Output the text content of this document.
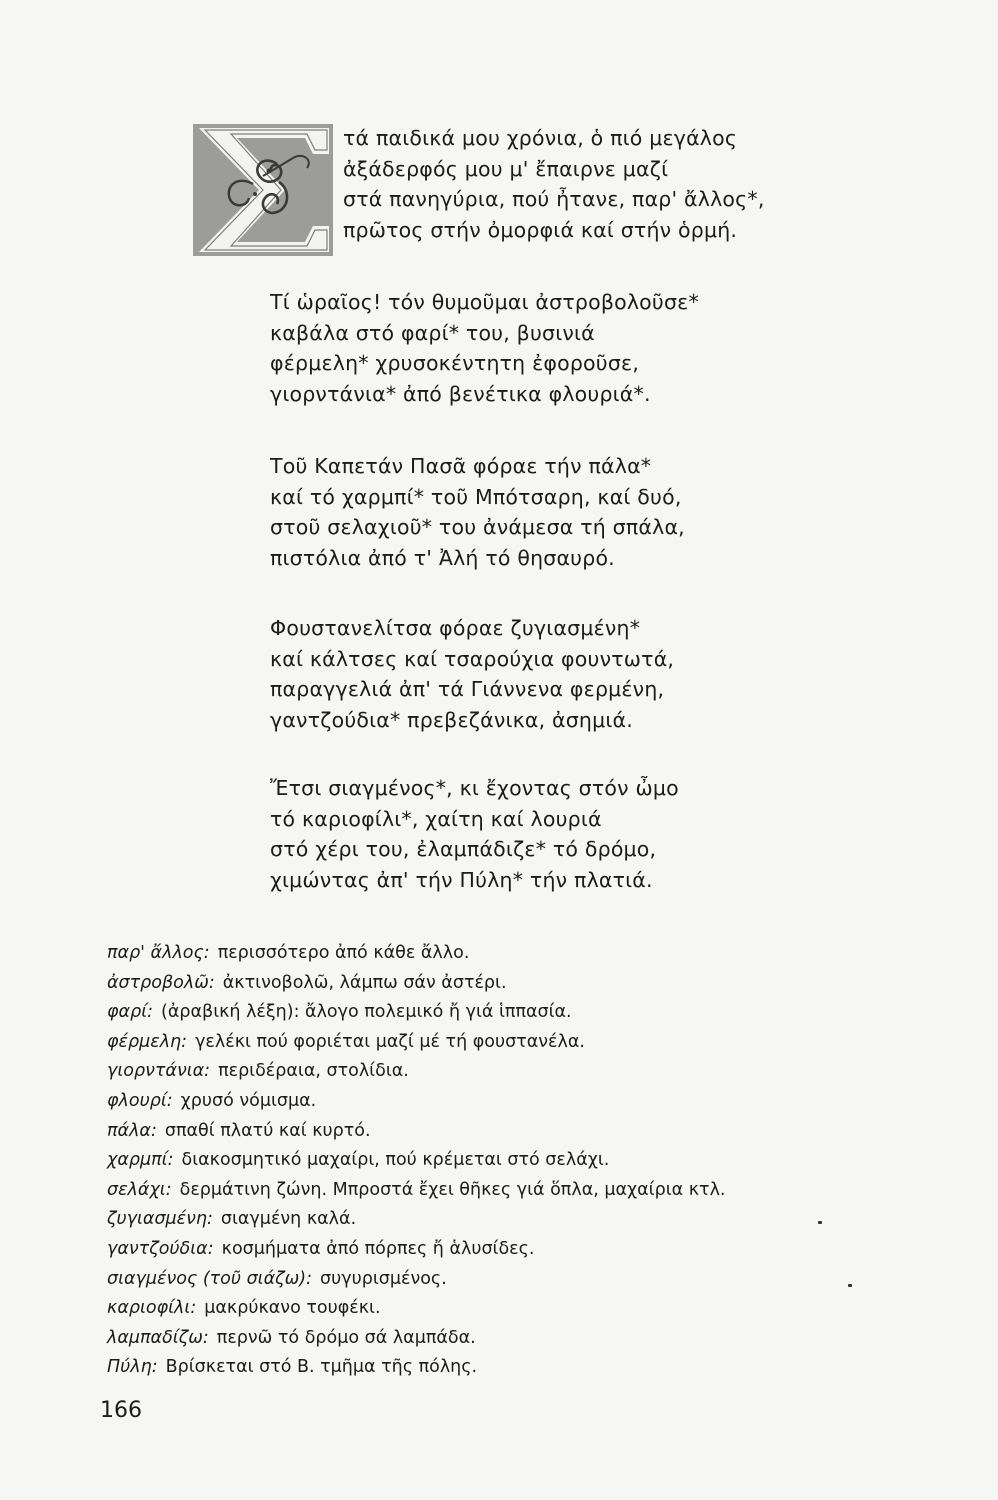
τά παιδικά μου χρόνια, ὁ πιό μεγάλος
ἀξάδερφός μου μ' ἔπαιρνε μαζί
στά πανηγύρια, πού ἦτανε, παρ' ἄλλος*,
πρῶτος στήν ὀμορφιά καί στήν ὁρμή.
Τί ὡραῖος! τόν θυμοῦμαι ἀστροβολοῦσε*
καβάλα στό φαρί* του, βυσινιά
φέρμελη* χρυσοκέντητη ἐφοροῦσε,
γιορντάνια* ἀπό βενέτικα φλουριά*.
Τοῦ Καπετάν Πασᾶ φόραε τήν πάλα*
καί τό χαρμπί* τοῦ Μπότσαρη, καί δυό,
στοῦ σελαχιοῦ* του ἀνάμεσα τή σπάλα,
πιστόλια ἀπό τ' Ἀλή τό θησαυρό.
Φουστανελίτσα φόραε ζυγιασμένη*
καί κάλτσες καί τσαρούχια φουντωτά,
παραγγελιά ἀπ' τά Γιάννενα φερμένη,
γαντζούδια* πρεβεζάνικα, ἀσημιά.
Ἔτσι σιαγμένος*, κι ἔχοντας στόν ὦμο
τό καριοφίλι*, χαίτη καί λουριά
στό χέρι του, ἐλαμπάδιζε* τό δρόμο,
χιμώντας ἀπ' τήν Πύλη* τήν πλατιά.
παρ' ἄλλος: περισσότερο ἀπό κάθε ἄλλο.
ἀστροβολῶ: ἀκτινοβολῶ, λάμπω σάν ἀστέρι.
φαρί: (ἀραβική λέξη): ἄλογο πολεμικό ἤ γιά ἱππασία.
φέρμελη: γελέκι πού φοριέται μαζί μέ τή φουστανέλα.
γιορντάνια: περιδέραια, στολίδια.
φλουρί: χρυσό νόμισμα.
πάλα: σπαθί πλατύ καί κυρτό.
χαρμπί: διακοσμητικό μαχαίρι, πού κρέμεται στό σελάχι.
σελάχι: δερμάτινη ζώνη. Μπροστά ἔχει θῆκες γιά ὅπλα, μαχαίρια κτλ.
ζυγιασμένη: σιαγμένη καλά.
γαντζούδια: κοσμήματα ἀπό πόρπες ἤ ἁλυσίδες.
σιαγμένος (τοῦ σιάζω): συγυρισμένος.
καριοφίλι: μακρύκανο τουφέκι.
λαμπαδίζω: περνῶ τό δρόμο σά λαμπάδα.
Πύλη: Βρίσκεται στό Β. τμῆμα τῆς πόλης.
166
